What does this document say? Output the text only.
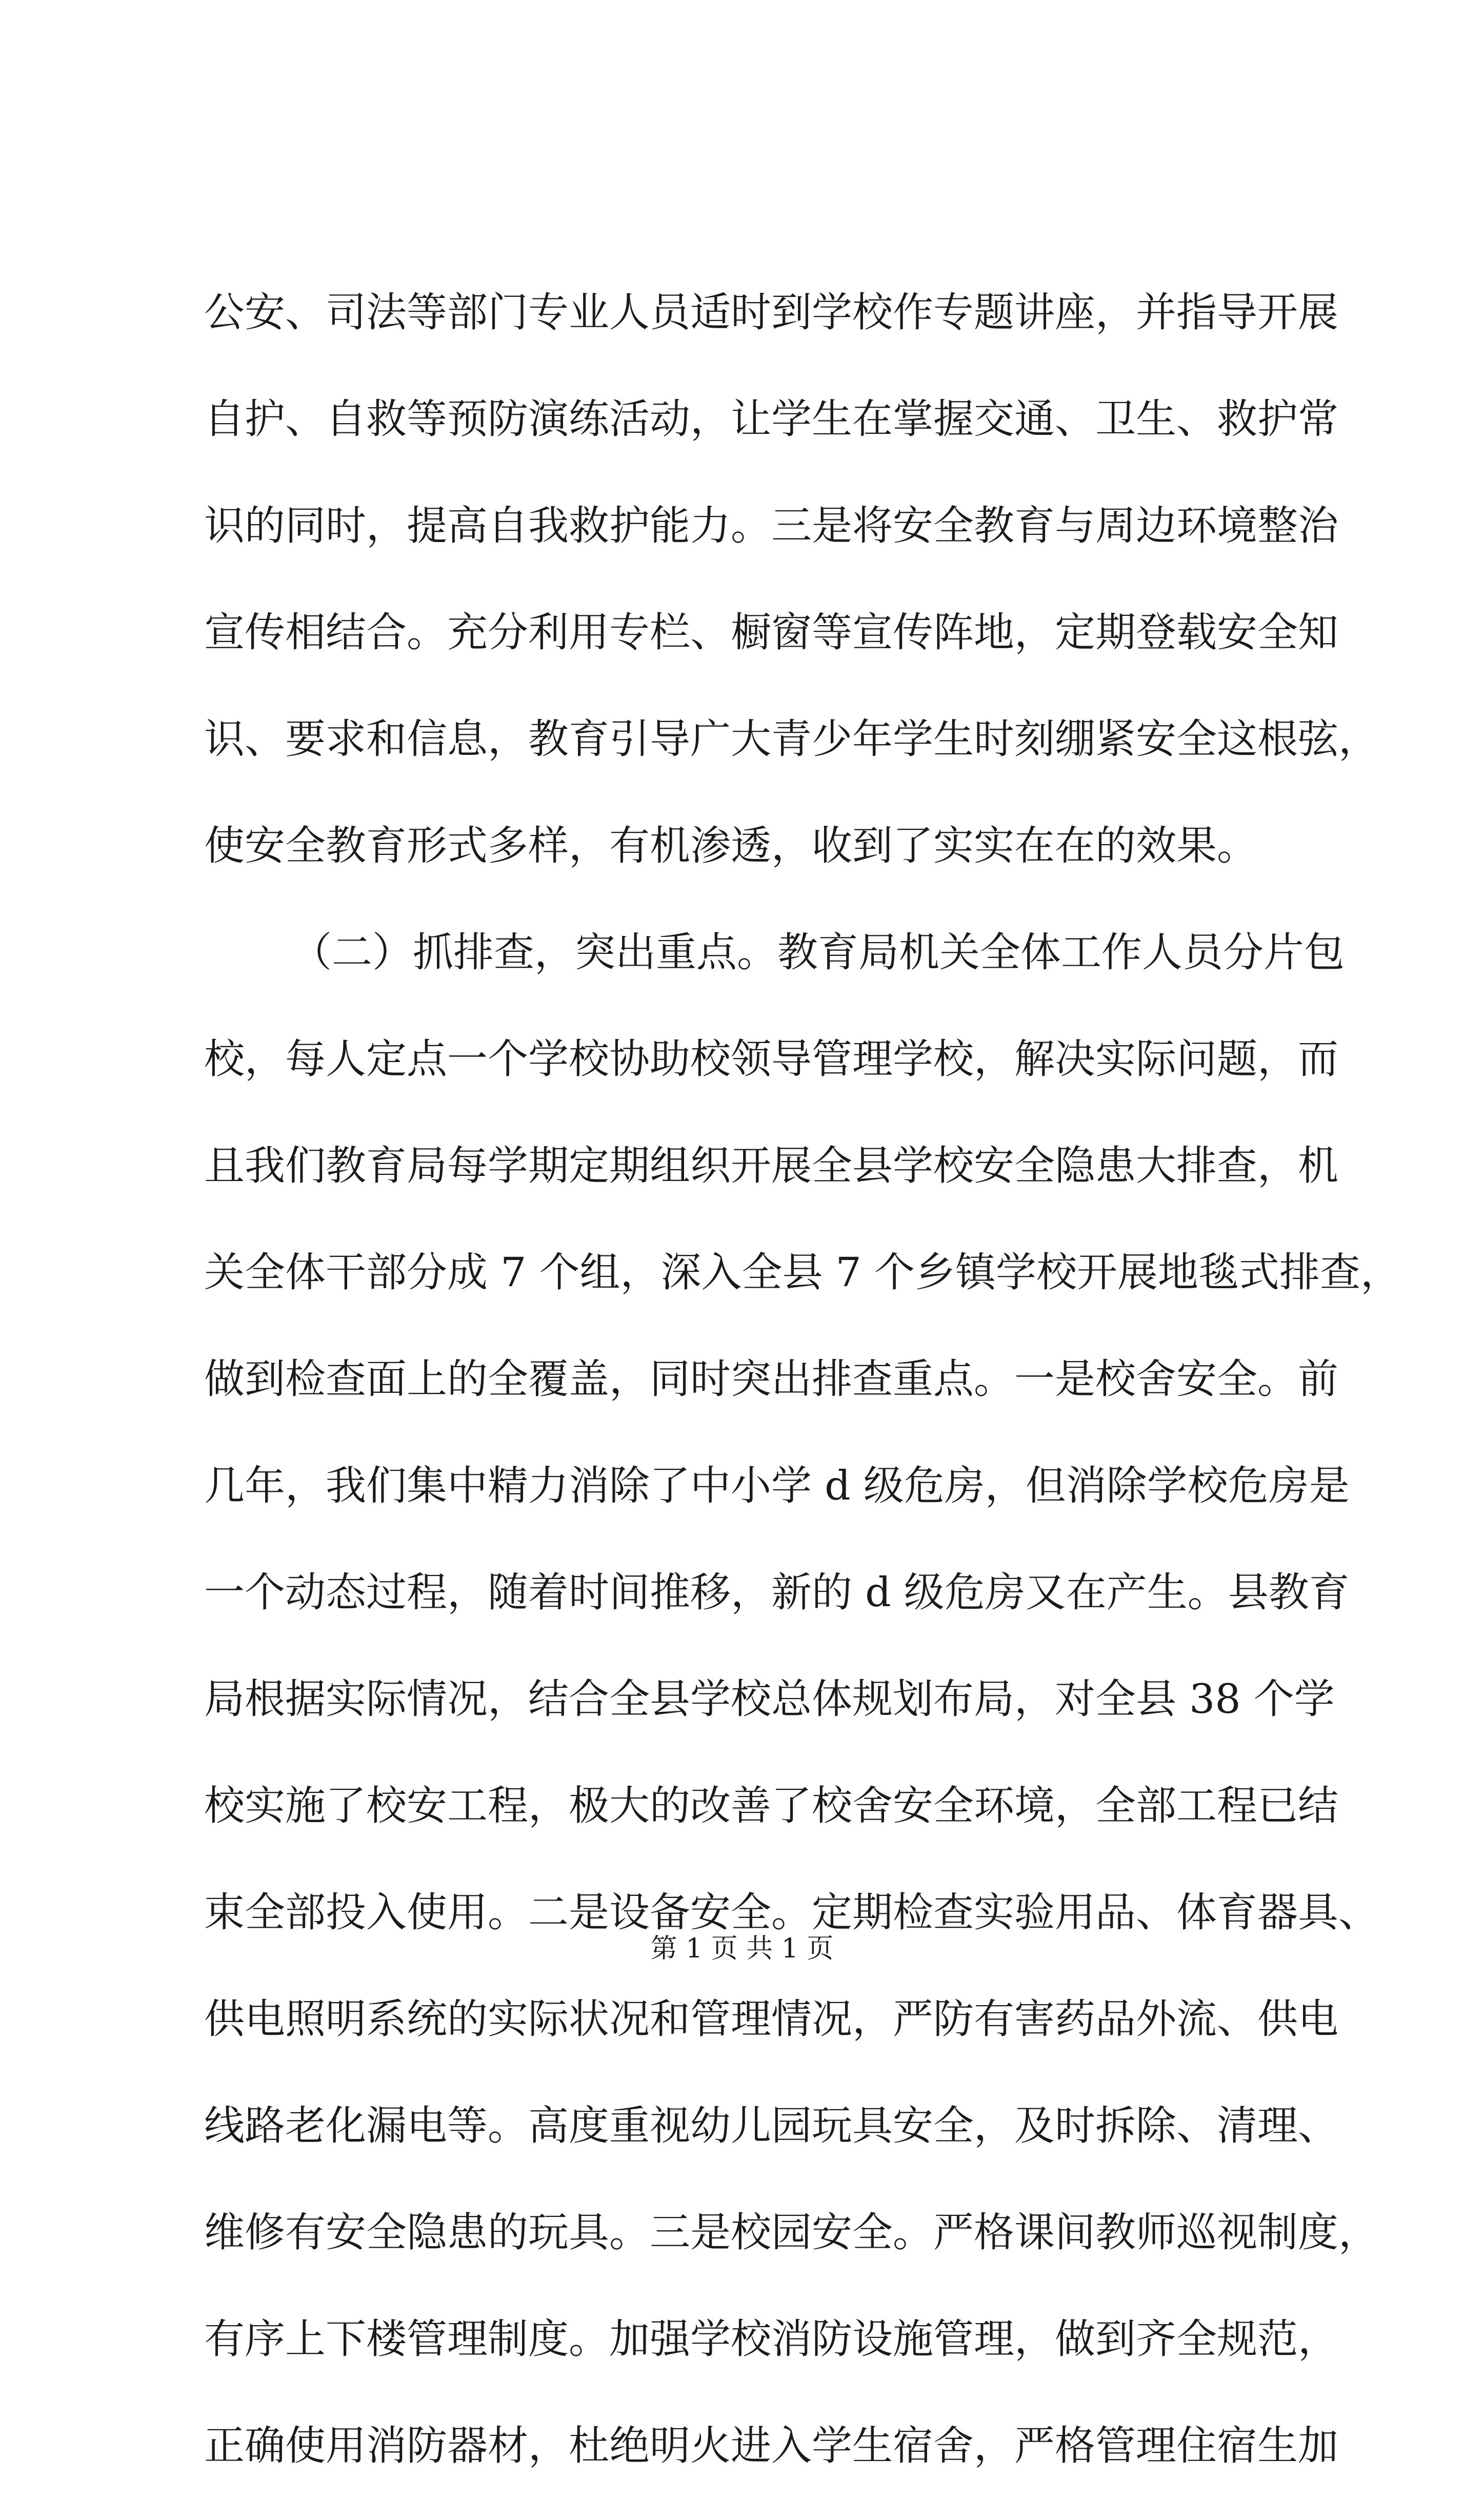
公安、司法等部门专业人员适时到学校作专题讲座，并指导开展
自护、自救等预防演练活动，让学生在掌握交通、卫生、救护常
识的同时，提高自我救护能力。三是将安全教育与周边环境整治
宣传相结合。充分利用专栏、橱窗等宣传阵地，定期登载安全知
识、要求和信息，教育引导广大青少年学生时刻绷紧安全这根弦，
使安全教育形式多样，有机渗透，收到了实实在在的效果。
（二）抓排查，突出重点。教育局机关全体工作人员分片包
校，每人定点一个学校协助校领导管理学校，解决实际问题，而
且我们教育局每学期定期组织开展全县学校安全隐患大排查，机
关全体干部分成 7 个组，深入全县 7 个乡镇学校开展地毯式排查，
做到检查面上的全覆盖，同时突出排查重点。一是校舍安全。前
几年，我们集中精力消除了中小学 d 级危房，但消除学校危房是
一个动态过程，随着时间推移，新的 d 级危房又在产生。县教育
局根据实际情况，结合全县学校总体规划布局，对全县 38 个学
校实施了校安工程，极大的改善了校舍安全环境，全部工程已结
束全部投入使用。二是设备安全。定期检查实验用品、体育器具、
供电照明系统的实际状况和管理情况，严防有害药品外流、供电
线路老化漏电等。高度重视幼儿园玩具安全，及时拆除、清理、
维修有安全隐患的玩具。三是校园安全。严格课间教师巡视制度，
有序上下楼管理制度。加强学校消防设施管理，做到齐全规范，
正确使用消防器材，杜绝明火进入学生宿舍，严格管理住宿生加
第 1 页 共 1 页
